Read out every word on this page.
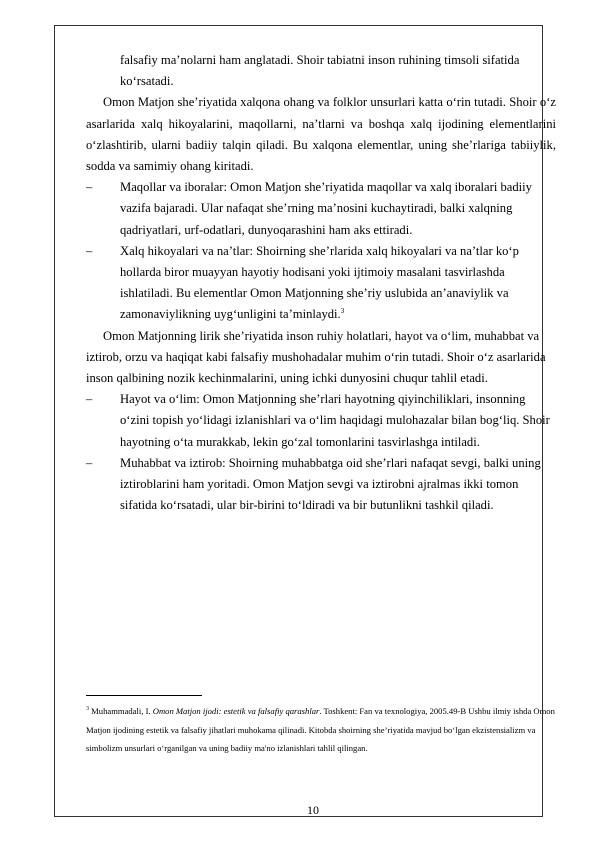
falsafiy ma’nolarni ham anglatadi. Shoir tabiatni inson ruhining timsoli sifatida ko‘rsatadi.

Omon Matjon she’riyatida xalqona ohang va folklor unsurlari katta o‘rin tutadi. Shoir o‘z asarlarida xalq hikoyalarini, maqollarni, na’tlarni va boshqa xalq ijodining elementlarini o‘zlashtirib, ularni badiiy talqin qiladi. Bu xalqona elementlar, uning she’rlariga tabiiylik, sodda va samimiy ohang kiritadi.

–	Maqollar va iboralar: Omon Matjon she’riyatida maqollar va xalq iboralari badiiy vazifa bajaradi. Ular nafaqat she’rning ma’nosini kuchaytiradi, balki xalqning qadriyatlari, urf-odatlari, dunyoqarashini ham aks ettiradi.
–	Xalq hikoyalari va na’tlar: Shoirning she’rlarida xalq hikoyalari va na’tlar ko‘p hollarda biror muayyan hayotiy hodisani yoki ijtimoiy masalani tasvirlashda ishlatiladi. Bu elementlar Omon Matjonning she’riy uslubida an’anaviylik va zamonaviylikning uyg‘unligini ta’minlaydi.$^3$

Omon Matjonning lirik she’riyatida inson ruhiy holatlari, hayot va o‘lim, muhabbat va iztirob, orzu va haqiqat kabi falsafiy mushohadalar muhim o‘rin tutadi. Shoir o‘z asarlarida inson qalbining nozik kechinmalarini, uning ichki dunyosini chuqur tahlil etadi.

–	Hayot va o‘lim: Omon Matjonning she’rlari hayotning qiyinchiliklari, insonning o‘zini topish yo‘lidagi izlanishlari va o‘lim haqidagi mulohazalar bilan bog‘liq. Shoir hayotning o‘ta murakkab, lekin go‘zal tomonlarini tasvirlashga intiladi.
–	Muhabbat va iztirob: Shoirning muhabbatga oid she’rlari nafaqat sevgi, balki uning iztiroblarini ham yoritadi. Omon Matjon sevgi va iztirobni ajralmas ikki tomon sifatida ko‘rsatadi, ular bir-birini to‘ldiradi va bir butunlikni tashkil qiladi.
$^3$ Muhammadali, I. Omon Matjon ijodi: estetik va falsafiy qarashlar. Toshkent: Fan va texnologiya, 2005.49-B Ushbu ilmiy ishda Omon Matjon ijodining estetik va falsafiy jihatlari muhokama qilinadi. Kitobda shoirning she’riyatida mavjud bo‘lgan ekzistensializm va simbolizm unsurlari o‘rganilgan va uning badiiy ma'no izlanishlari tahlil qilingan.
10
